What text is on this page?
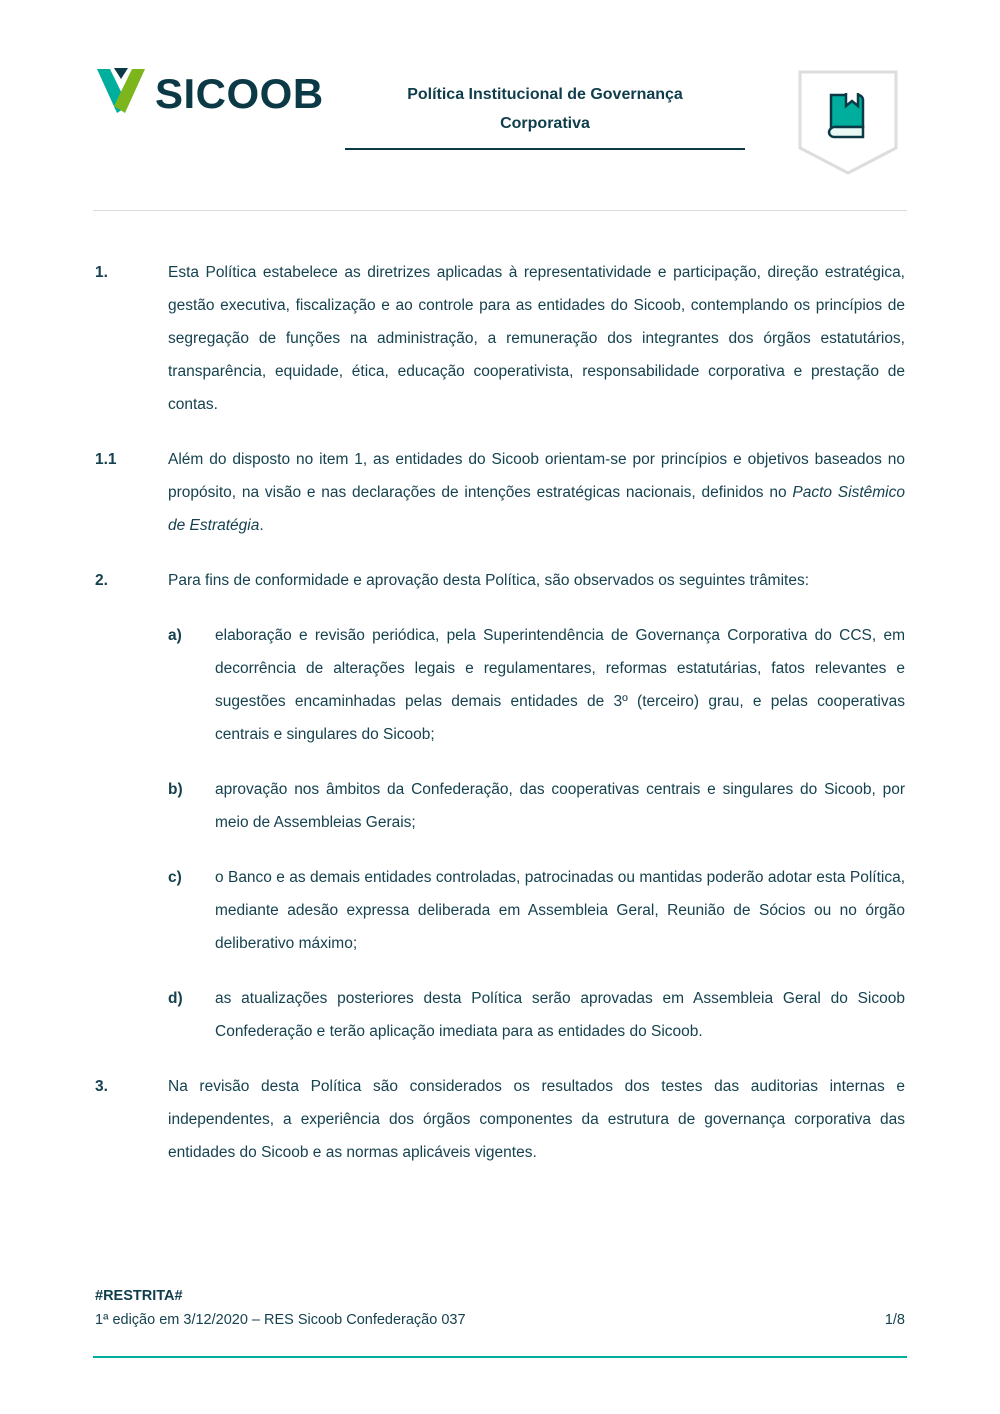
SICOOB	Política Institucional de Governança
Corporativa
1.	Esta Política estabelece as diretrizes aplicadas à representatividade e participação, direção estratégica, gestão executiva, fiscalização e ao controle para as entidades do Sicoob, contemplando os princípios de segregação de funções na administração, a remuneração dos integrantes dos órgãos estatutários, transparência, equidade, ética, educação cooperativista, responsabilidade corporativa e prestação de contas.
1.1	Além do disposto no item 1, as entidades do Sicoob orientam-se por princípios e objetivos baseados no propósito, na visão e nas declarações de intenções estratégicas nacionais, definidos no Pacto Sistêmico de Estratégia.
2.	Para fins de conformidade e aprovação desta Política, são observados os seguintes trâmites:
a) elaboração e revisão periódica, pela Superintendência de Governança Corporativa do CCS, em decorrência de alterações legais e regulamentares, reformas estatutárias, fatos relevantes e sugestões encaminhadas pelas demais entidades de 3º (terceiro) grau, e pelas cooperativas centrais e singulares do Sicoob;
b) aprovação nos âmbitos da Confederação, das cooperativas centrais e singulares do Sicoob, por meio de Assembleias Gerais;
c) o Banco e as demais entidades controladas, patrocinadas ou mantidas poderão adotar esta Política, mediante adesão expressa deliberada em Assembleia Geral, Reunião de Sócios ou no órgão deliberativo máximo;
d) as atualizações posteriores desta Política serão aprovadas em Assembleia Geral do Sicoob Confederação e terão aplicação imediata para as entidades do Sicoob.
3.	Na revisão desta Política são considerados os resultados dos testes das auditorias internas e independentes, a experiência dos órgãos componentes da estrutura de governança corporativa das entidades do Sicoob e as normas aplicáveis vigentes.
#RESTRITA#
1ª edição em 3/12/2020 – RES Sicoob Confederação 037	1/8
